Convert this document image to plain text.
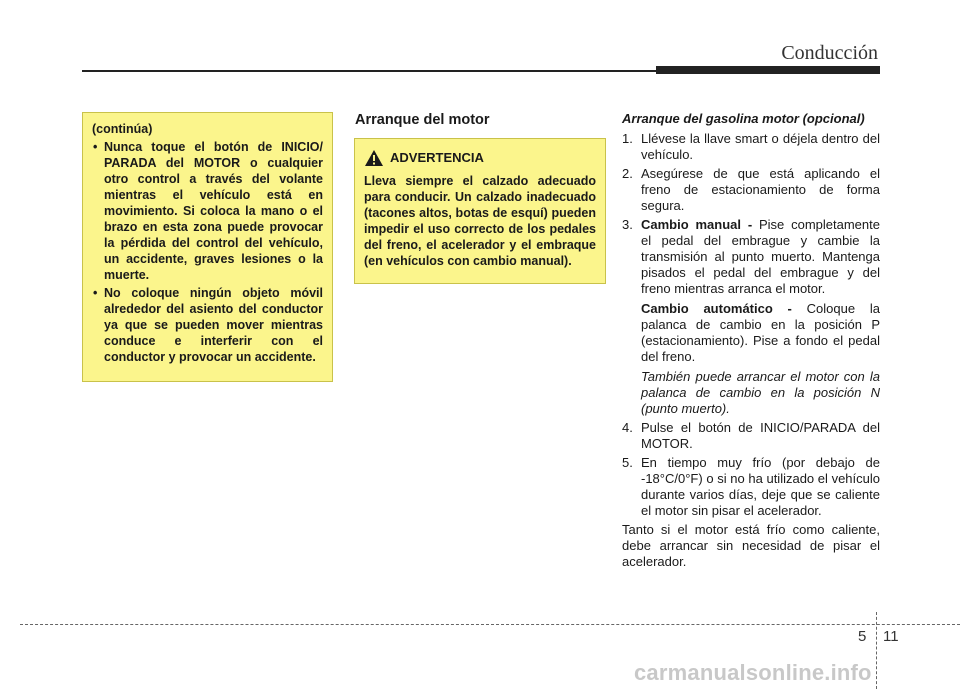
Conducción
(continúa)
• Nunca toque el botón de INICIO/ PARADA del MOTOR o cualquier otro control a través del volante mientras el vehículo está en movimiento. Si coloca la mano o el brazo en esta zona puede provocar la pérdida del control del vehículo, un accidente, graves lesiones o la muerte.
• No coloque ningún objeto móvil alrededor del asiento del conductor ya que se pueden mover mientras conduce e interferir con el conductor y provocar un accidente.
Arranque del motor
ADVERTENCIA
Lleva siempre el calzado adecuado para conducir. Un calzado inadecuado (tacones altos, botas de esquí) pueden impedir el uso correcto de los pedales del freno, el acelerador y el embraque (en vehículos con cambio manual).
Arranque del gasolina motor (opcional)
1. Llévese la llave smart o déjela dentro del vehículo.
2. Asegúrese de que está aplicando el freno de estacionamiento de forma segura.
3. Cambio manual - Pise completamente el pedal del embrague y cambie la transmisión al punto muerto. Mantenga pisados el pedal del embrague y del freno mientras arranca el motor.
Cambio automático - Coloque la palanca de cambio en la posición P (estacionamiento). Pise a fondo el pedal del freno.
También puede arrancar el motor con la palanca de cambio en la posición N (punto muerto).
4. Pulse el botón de INICIO/PARADA del MOTOR.
5. En tiempo muy frío (por debajo de -18°C/0°F) o si no ha utilizado el vehículo durante varios días, deje que se caliente el motor sin pisar el acelerador.
Tanto si el motor está frío como caliente, debe arrancar sin necesidad de pisar el acelerador.
5 11
carmanualsonline.info
